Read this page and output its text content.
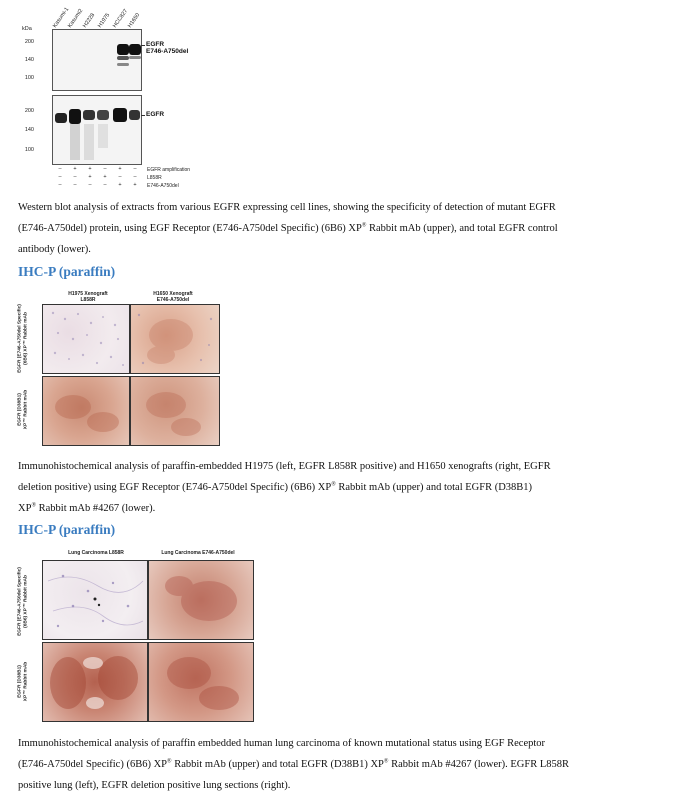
kDa
Kasumi-1
Kasumi2
H2228 H1975 HCC827
H1650
200
140
100
EGFR
E746-A750del
200
140
100
EGFR
–	+	+	–	+	–	EGFR amplification
–	–	+	+	–	–	L858R
–	–	–	–	+	+	E746-A750del
Western blot analysis of extracts from various EGFR expressing cell lines, showing the specificity of detection of mutant EGFR
(E746-A750del) protein, using EGF Receptor (E746-A750del Specific) (6B6) XP® Rabbit mAb (upper), and total EGFR control
antibody (lower).
IHC-P (paraffin)
H1975 Xenograft
L858R
H1650 Xenograft
E746-A750del
EGFR (E746-A750del Specific) (6B6) XP™ Rabbit mAb
EGFR (D38B1) XP™ Rabbit mAb
Immunohistochemical analysis of paraffin-embedded H1975 (left, EGFR L858R positive) and H1650 xenografts (right, EGFR
deletion positive) using EGF Receptor (E746-A750del Specific) (6B6) XP® Rabbit mAb (upper) and total EGFR (D38B1)
XP® Rabbit mAb #4267 (lower).
IHC-P (paraffin)
Lung Carcinoma L858R	Lung Carcinoma E746-A750del
EGFR (E746-A750del Specific) (6B6) XP™ Rabbit mAb
EGFR (D38B1) XP™ Rabbit mAb
Immunohistochemical analysis of paraffin embedded human lung carcinoma of known mutational status using EGF Receptor
(E746-A750del Specific) (6B6) XP® Rabbit mAb (upper) and total EGFR (D38B1) XP® Rabbit mAb #4267 (lower). EGFR L858R
positive lung (left), EGFR deletion positive lung sections (right).
